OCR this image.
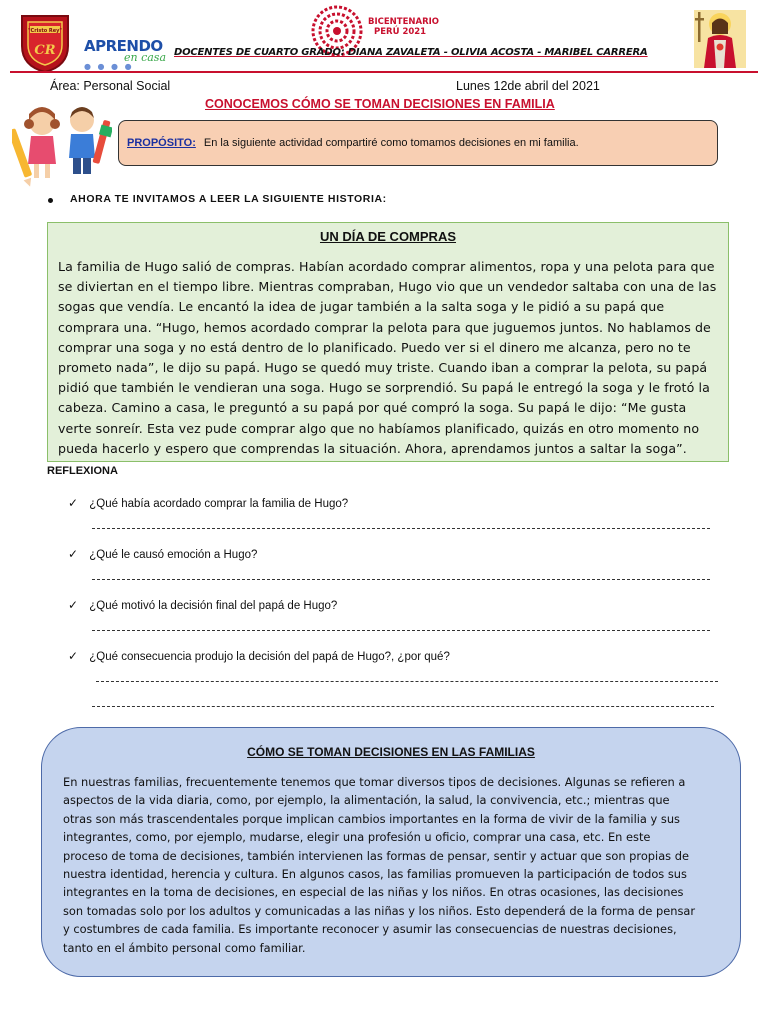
"Cristo Rey"
CR APRENDO
en casa
● ● ● ●
BICENTENARIO
PERÚ 2021
DOCENTES DE CUARTO GRADO: DIANA ZAVALETA - OLIVIA ACOSTA - MARIBEL CARRERA
Área: Personal Social	Lunes 12de abril del 2021
CONOCEMOS CÓMO SE TOMAN DECISIONES EN FAMILIA
PROPÓSITO: En la siguiente actividad compartiré como tomamos decisiones en mi familia.
AHORA TE INVITAMOS A LEER LA SIGUIENTE HISTORIA:
UN DÍA DE COMPRAS
La familia de Hugo salió de compras. Habían acordado comprar alimentos, ropa y una pelota para que
se diviertan en el tiempo libre. Mientras compraban, Hugo vio que un vendedor saltaba con una de las
sogas que vendía. Le encantó la idea de jugar también a la salta soga y le pidió a su papá que
comprara una. “Hugo, hemos acordado comprar la pelota para que juguemos juntos. No hablamos de
comprar una soga y no está dentro de lo planificado. Puedo ver si el dinero me alcanza, pero no te
prometo nada”, le dijo su papá. Hugo se quedó muy triste. Cuando iban a comprar la pelota, su papá
pidió que también le vendieran una soga. Hugo se sorprendió. Su papá le entregó la soga y le frotó la
cabeza. Camino a casa, le preguntó a su papá por qué compró la soga. Su papá le dijo: “Me gusta
verte sonreír. Esta vez pude comprar algo que no habíamos planificado, quizás en otro momento no
pueda hacerlo y espero que comprendas la situación. Ahora, aprendamos juntos a saltar la soga”.
REFLEXIONA
✓ ¿Qué había acordado comprar la familia de Hugo?
✓ ¿Qué le causó emoción a Hugo?
✓ ¿Qué motivó la decisión final del papá de Hugo?
✓ ¿Qué consecuencia produjo la decisión del papá de Hugo?, ¿por qué?
CÓMO SE TOMAN DECISIONES EN LAS FAMILIAS
En nuestras familias, frecuentemente tenemos que tomar diversos tipos de decisiones. Algunas se refieren a
aspectos de la vida diaria, como, por ejemplo, la alimentación, la salud, la convivencia, etc.; mientras que
otras son más trascendentales porque implican cambios importantes en la forma de vivir de la familia y sus
integrantes, como, por ejemplo, mudarse, elegir una profesión u oficio, comprar una casa, etc. En este
proceso de toma de decisiones, también intervienen las formas de pensar, sentir y actuar que son propias de
nuestra identidad, herencia y cultura. En algunos casos, las familias promueven la participación de todos sus
integrantes en la toma de decisiones, en especial de las niñas y los niños. En otras ocasiones, las decisiones
son tomadas solo por los adultos y comunicadas a las niñas y los niños. Esto dependerá de la forma de pensar
y costumbres de cada familia. Es importante reconocer y asumir las consecuencias de nuestras decisiones,
tanto en el ámbito personal como familiar.
